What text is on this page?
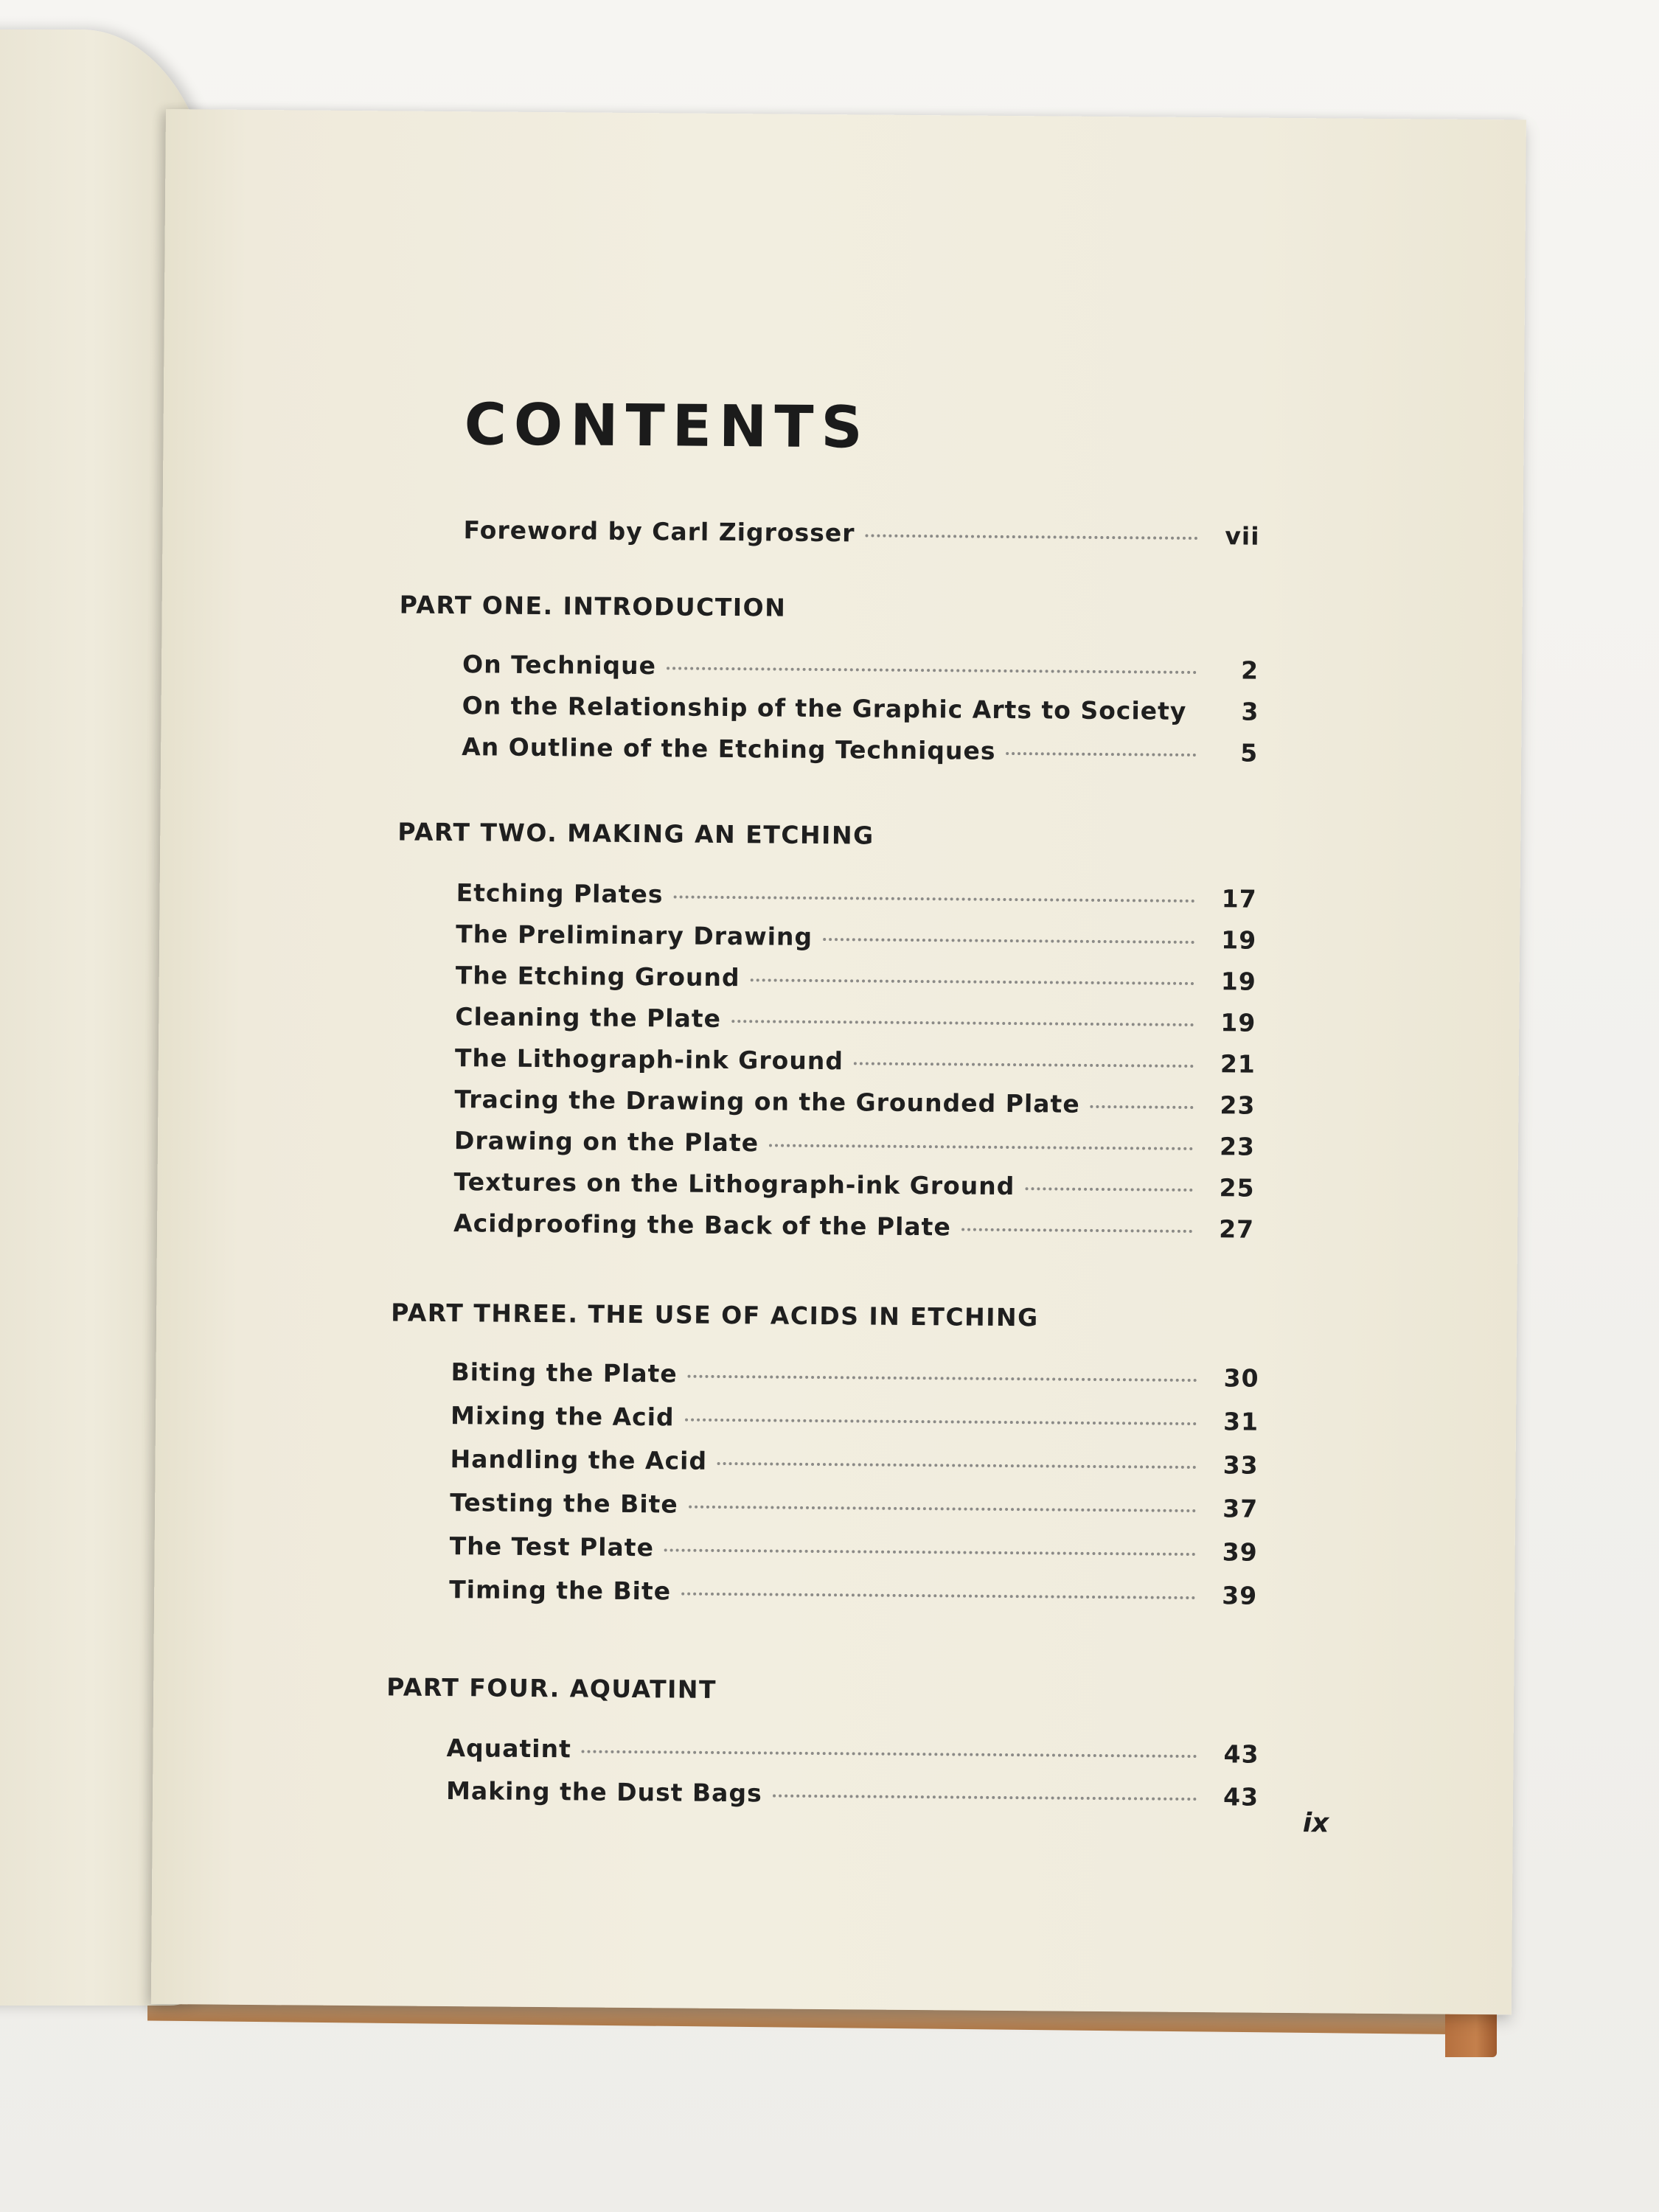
CONTENTS
Foreword by Carl Zigrosser	vii
PART ONE. INTRODUCTION
On Technique	2
On the Relationship of the Graphic Arts to Society	3
An Outline of the Etching Techniques	5
PART TWO. MAKING AN ETCHING
Etching Plates	17
The Preliminary Drawing	19
The Etching Ground	19
Cleaning the Plate	19
The Lithograph-ink Ground	21
Tracing the Drawing on the Grounded Plate	23
Drawing on the Plate	23
Textures on the Lithograph-ink Ground	25
Acidproofing the Back of the Plate	27
PART THREE. THE USE OF ACIDS IN ETCHING
Biting the Plate	30
Mixing the Acid	31
Handling the Acid	33
Testing the Bite	37
The Test Plate	39
Timing the Bite	39
PART FOUR. AQUATINT
Aquatint	43
Making the Dust Bags	43
ix
